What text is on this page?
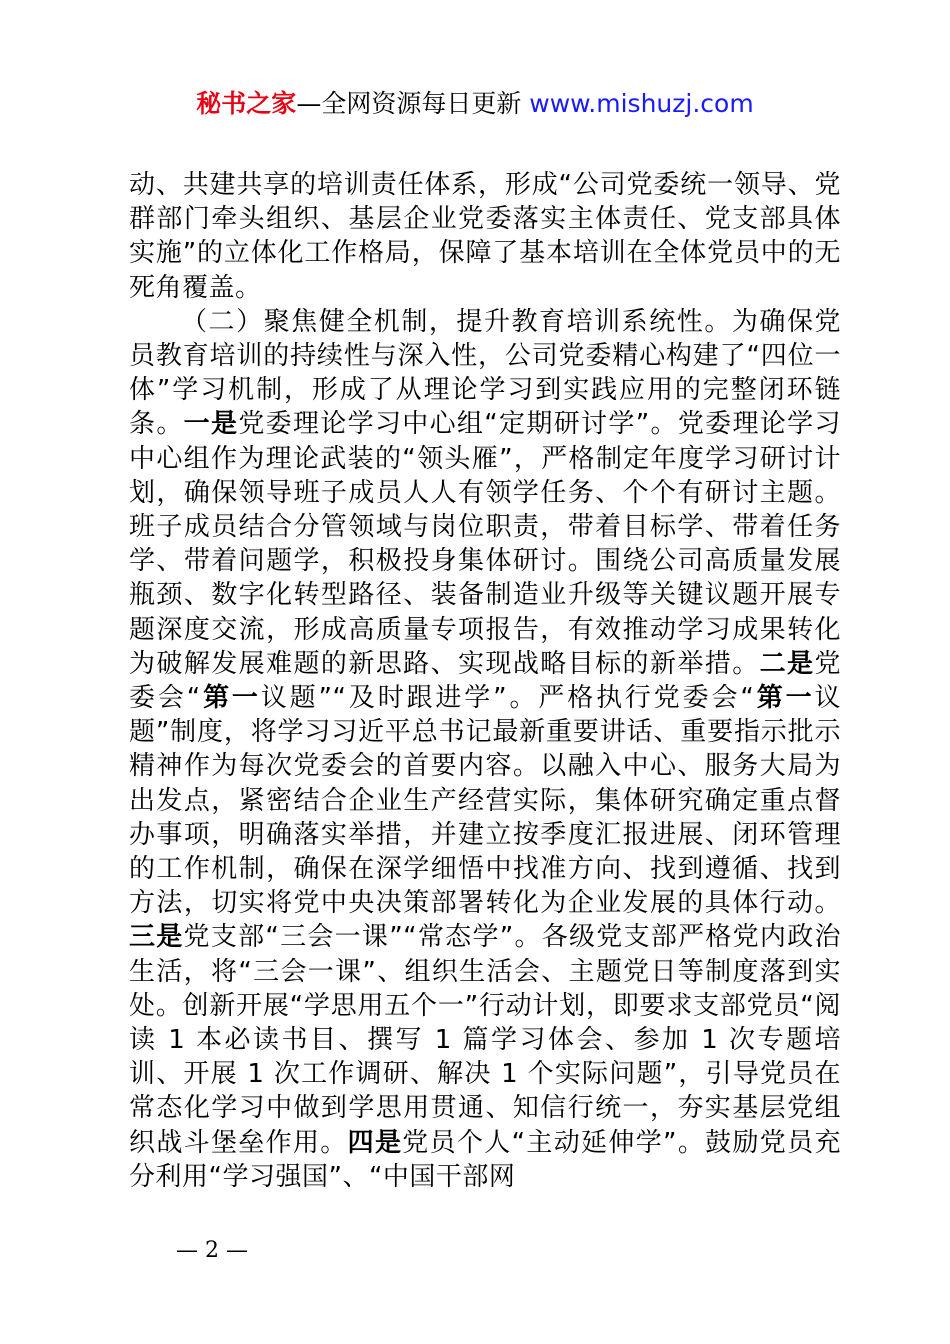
秘书之家—全网资源每日更新 www.mishuzj.com

动、共建共享的培训责任体系，形成“公司党委统一领导、党群部门牵头组织、基层企业党委落实主体责任、党支部具体实施”的立体化工作格局，保障了基本培训在全体党员中的无死角覆盖。

（二）聚焦健全机制，提升教育培训系统性。为确保党员教育培训的持续性与深入性，公司党委精心构建了“四位一体”学习机制，形成了从理论学习到实践应用的完整闭环链条。一是党委理论学习中心组“定期研讨学”。党委理论学习中心组作为理论武装的“领头雁”，严格制定年度学习研讨计划，确保领导班子成员人人有领学任务、个个有研讨主题。班子成员结合分管领域与岗位职责，带着目标学、带着任务学、带着问题学，积极投身集体研讨。围绕公司高质量发展瓶颈、数字化转型路径、装备制造业升级等关键议题开展专题深度交流，形成高质量专项报告，有效推动学习成果转化为破解发展难题的新思路、实现战略目标的新举措。二是党委会“第一议题”“及时跟进学”。严格执行党委会“第一议题”制度，将学习习近平总书记最新重要讲话、重要指示批示精神作为每次党委会的首要内容。以融入中心、服务大局为出发点，紧密结合企业生产经营实际，集体研究确定重点督办事项，明确落实举措，并建立按季度汇报进展、闭环管理的工作机制，确保在深学细悟中找准方向、找到遵循、找到方法，切实将党中央决策部署转化为企业发展的具体行动。三是党支部“三会一课”“常态学”。各级党支部严格党内政治生活，将“三会一课”、组织生活会、主题党日等制度落到实处。创新开展“学思用五个一”行动计划，即要求支部党员“阅读 1 本必读书目、撰写 1 篇学习体会、参加 1 次专题培训、开展 1 次工作调研、解决 1 个实际问题”，引导党员在常态化学习中做到学思用贯通、知信行统一，夯实基层党组织战斗堡垒作用。四是党员个人“主动延伸学”。鼓励党员充分利用“学习强国”、“中国干部网

— 2 —
